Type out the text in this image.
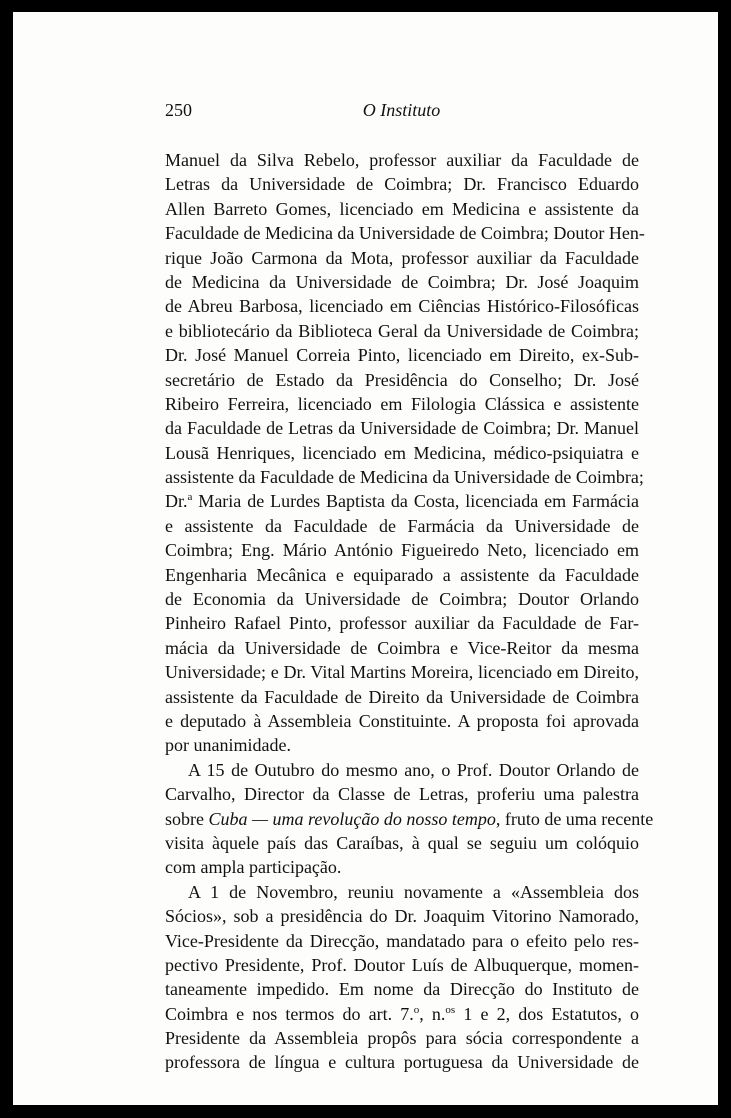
250	O Instituto
Manuel da Silva Rebelo, professor auxiliar da Faculdade de
Letras da Universidade de Coimbra; Dr. Francisco Eduardo
Allen Barreto Gomes, licenciado em Medicina e assistente da
Faculdade de Medicina da Universidade de Coimbra; Doutor Hen-
rique João Carmona da Mota, professor auxiliar da Faculdade
de Medicina da Universidade de Coimbra; Dr. José Joaquim
de Abreu Barbosa, licenciado em Ciências Histórico-Filosóficas
e bibliotecário da Biblioteca Geral da Universidade de Coimbra;
Dr. José Manuel Correia Pinto, licenciado em Direito, ex-Sub-
secretário de Estado da Presidência do Conselho; Dr. José
Ribeiro Ferreira, licenciado em Filologia Clássica e assistente
da Faculdade de Letras da Universidade de Coimbra; Dr. Manuel
Lousã Henriques, licenciado em Medicina, médico-psiquiatra e
assistente da Faculdade de Medicina da Universidade de Coimbra;
Dr.$^a$ Maria de Lurdes Baptista da Costa, licenciada em Farmácia
e assistente da Faculdade de Farmácia da Universidade de
Coimbra; Eng. Mário António Figueiredo Neto, licenciado em
Engenharia Mecânica e equiparado a assistente da Faculdade
de Economia da Universidade de Coimbra; Doutor Orlando
Pinheiro Rafael Pinto, professor auxiliar da Faculdade de Far-
mácia da Universidade de Coimbra e Vice-Reitor da mesma
Universidade; e Dr. Vital Martins Moreira, licenciado em Direito,
assistente da Faculdade de Direito da Universidade de Coimbra
e deputado à Assembleia Constituinte. A proposta foi aprovada
por unanimidade.
A 15 de Outubro do mesmo ano, o Prof. Doutor Orlando de
Carvalho, Director da Classe de Letras, proferiu uma palestra
sobre Cuba — uma revolução do nosso tempo, fruto de uma recente
visita àquele país das Caraíbas, à qual se seguiu um colóquio
com ampla participação.
A 1 de Novembro, reuniu novamente a «Assembleia dos
Sócios», sob a presidência do Dr. Joaquim Vitorino Namorado,
Vice-Presidente da Direcção, mandatado para o efeito pelo res-
pectivo Presidente, Prof. Doutor Luís de Albuquerque, momen-
taneamente impedido. Em nome da Direcção do Instituto de
Coimbra e nos termos do art. 7.$^o$, n.$^{os}$ 1 e 2, dos Estatutos, o
Presidente da Assembleia propôs para sócia correspondente a
professora de língua e cultura portuguesa da Universidade de
